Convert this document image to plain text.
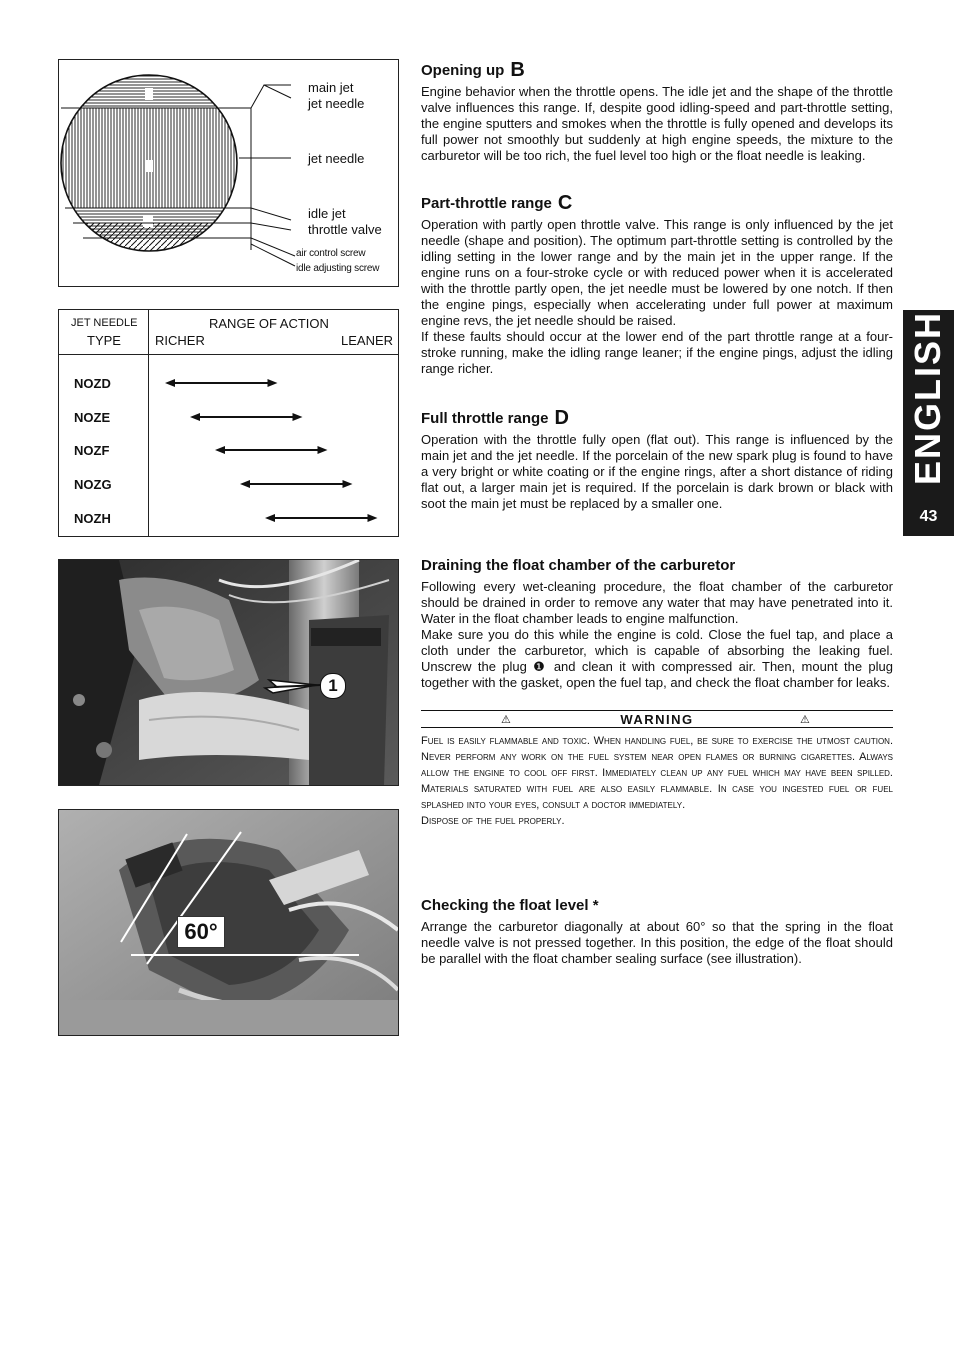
main jet
jet needle
jet needle
idle jet
throttle valve
air control screw
idle adjusting screw
JET NEEDLE
TYPE
RANGE OF ACTION
RICHER	LEANER
NOZD
NOZE
NOZF
NOZG
NOZH
1
60°
Opening up B

Engine behavior when the throttle opens. The idle jet and the shape of the throttle valve influences this range. If, despite good idling-speed and part-throttle setting, the engine sputters and smokes when the throttle is fully opened and develops its full power not smoothly but suddenly at high engine speeds, the mixture to the carburetor will be too rich, the fuel level too high or the float needle is leaking.

Part-throttle range C

Operation with partly open throttle valve. This range is only influenced by the jet needle (shape and position). The optimum part-throttle setting is controlled by the idling setting in the lower range and by the main jet in the upper range. If the engine runs on a four-stroke cycle or with reduced power when it is accelerated with the throttle partly open, the jet needle must be lowered by one notch. If then the engine pings, especially when accelerating under full power at maximum engine revs, the jet needle should be raised.

If these faults should occur at the lower end of the part throttle range at a four-stroke running, make the idling range leaner; if the engine pings, adjust the idling range richer.

Full throttle range D

Operation with the throttle fully open (flat out). This range is influenced by the main jet and the jet needle. If the porcelain of the new spark plug is found to have a very bright or white coating or if the engine rings, after a short distance of riding flat out, a larger main jet is required. If the porcelain is dark brown or black with soot the main jet must be replaced by a smaller one.

Draining the float chamber of the carburetor

Following every wet-cleaning procedure, the float chamber of the carburetor should be drained in order to remove any water that may have penetrated into it. Water in the float chamber leads to engine malfunction.

Make sure you do this while the engine is cold. Close the fuel tap, and place a cloth under the carburetor, which is capable of absorbing the leaking fuel. Unscrew the plug ❶ and clean it with compressed air. Then, mount the plug together with the gasket, open the fuel tap, and check the float chamber for leaks.

⚠	WARNING	⚠
Fuel is easily flammable and toxic. When handling fuel, be sure to exercise the utmost caution. Never perform any work on the fuel system near open flames or burning cigarettes. Always allow the engine to cool off first. Immediately clean up any fuel which may have been spilled. Materials saturated with fuel are also easily flammable. In case you ingested fuel or fuel splashed into your eyes, consult a doctor immediately.
Dispose of the fuel properly.
Checking the float level *

Arrange the carburetor diagonally at about 60° so that the spring in the float needle valve is not pressed together. In this position, the edge of the float should be parallel with the float chamber sealing surface (see illustration).

ENGLISH
43
